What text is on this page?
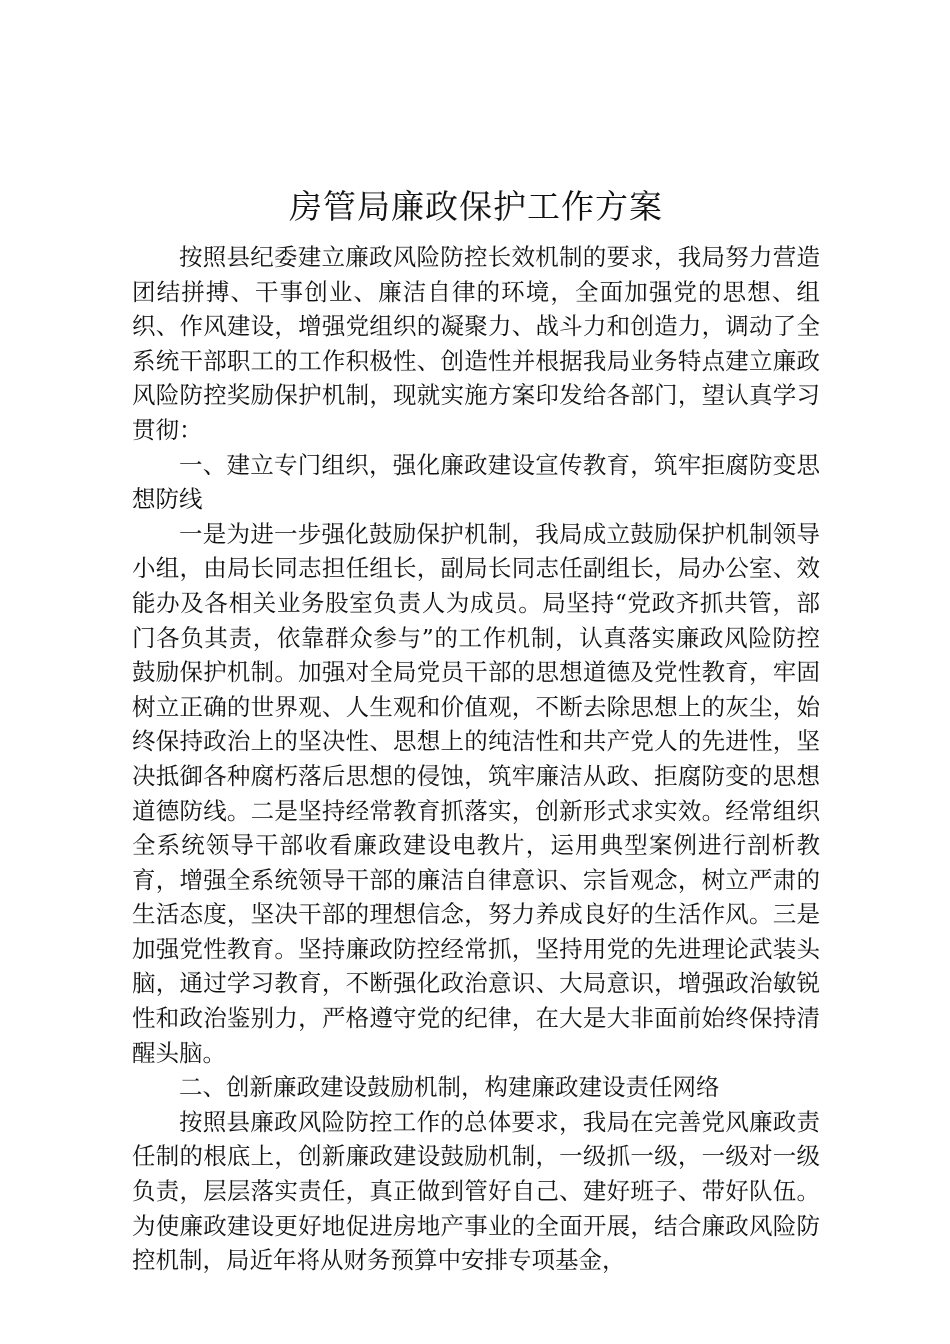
房管局廉政保护工作方案

按照县纪委建立廉政风险防控长效机制的要求，我局努力营造团结拼搏、干事创业、廉洁自律的环境，全面加强党的思想、组织、作风建设，增强党组织的凝聚力、战斗力和创造力，调动了全系统干部职工的工作积极性、创造性并根据我局业务特点建立廉政风险防控奖励保护机制，现就实施方案印发给各部门，望认真学习贯彻：

一、建立专门组织，强化廉政建设宣传教育，筑牢拒腐防变思想防线

一是为进一步强化鼓励保护机制，我局成立鼓励保护机制领导小组，由局长同志担任组长，副局长同志任副组长，局办公室、效能办及各相关业务股室负责人为成员。局坚持“党政齐抓共管，部门各负其责，依靠群众参与”的工作机制，认真落实廉政风险防控鼓励保护机制。加强对全局党员干部的思想道德及党性教育，牢固树立正确的世界观、人生观和价值观，不断去除思想上的灰尘，始终保持政治上的坚决性、思想上的纯洁性和共产党人的先进性，坚决抵御各种腐朽落后思想的侵蚀，筑牢廉洁从政、拒腐防变的思想道德防线。二是坚持经常教育抓落实，创新形式求实效。经常组织全系统领导干部收看廉政建设电教片，运用典型案例进行剖析教育，增强全系统领导干部的廉洁自律意识、宗旨观念，树立严肃的生活态度，坚决干部的理想信念，努力养成良好的生活作风。三是加强党性教育。坚持廉政防控经常抓，坚持用党的先进理论武装头脑，通过学习教育，不断强化政治意识、大局意识，增强政治敏锐性和政治鉴别力，严格遵守党的纪律，在大是大非面前始终保持清醒头脑。

二、创新廉政建设鼓励机制，构建廉政建设责任网络

按照县廉政风险防控工作的总体要求，我局在完善党风廉政责任制的根底上，创新廉政建设鼓励机制，一级抓一级，一级对一级负责，层层落实责任，真正做到管好自己、建好班子、带好队伍。为使廉政建设更好地促进房地产事业的全面开展，结合廉政风险防控机制，局近年将从财务预算中安排专项基金，
